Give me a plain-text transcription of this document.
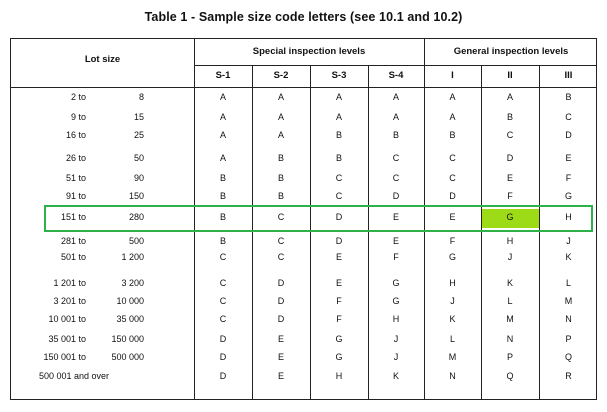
Table 1 - Sample size code letters (see 10.1 and 10.2)
Lot size
Special inspection levels	General inspection levels
S-1	S-2	S-3	S-4	I	II	III
2 to	8	A	A	A	A	A	A	B
9 to	15	A	A	A	A	A	B	C
16 to	25	A	A	B	B	B	C	D
26 to	50	A	B	B	C	C	D	E
51 to	90	B	B	C	C	C	E	F
91 to	150	B	B	C	D	D	F	G
151 to	280	B	C	D	E	E	G	H
281 to	500	B	C	D	E	F	H	J
501 to	1 200	C	C	E	F	G	J	K
1 201 to	3 200	C	D	E	G	H	K	L
3 201 to	10 000	C	D	F	G	J	L	M
10 001 to	35 000	C	D	F	H	K	M	N
35 001 to	150 000	D	E	G	J	L	N	P
150 001 to	500 000	D	E	G	J	M	P	Q
500 001 and over	D	E	H	K	N	Q	R
